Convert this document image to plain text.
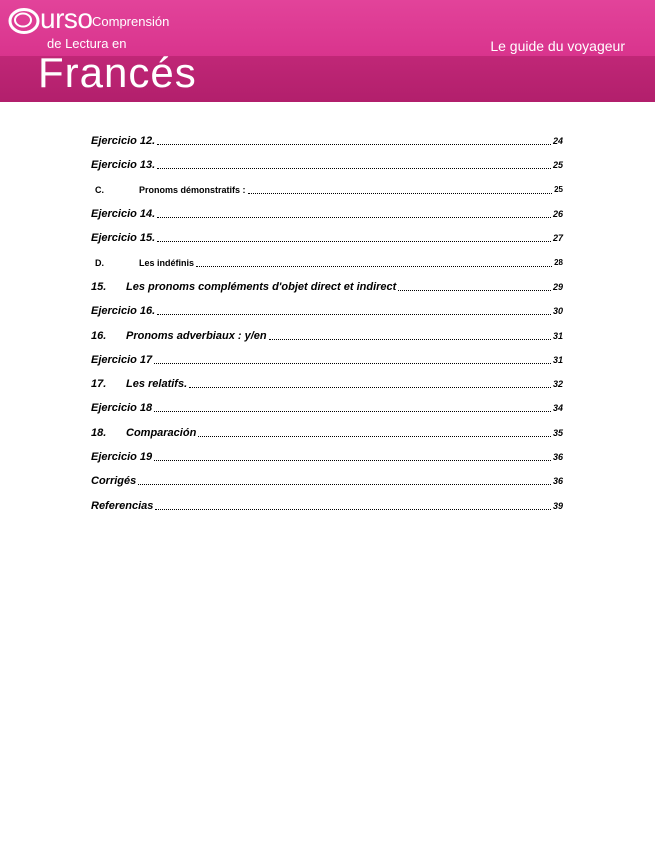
urso Comprensión
de Lectura en
Francés
Le guide du voyageur
Ejercicio 12.	24
Ejercicio 13.	25
C.	Pronoms démonstratifs :	25
Ejercicio 14.	26
Ejercicio 15.	27
D.	Les indéfinis	28
15.	Les pronoms compléments d'objet direct et indirect	29
Ejercicio 16.	30
16.	Pronoms adverbiaux : y/en	31
Ejercicio 17	31
17.	Les relatifs.	32
Ejercicio 18	34
18.	Comparación	35
Ejercicio 19	36
Corrigés	36
Referencias	39
